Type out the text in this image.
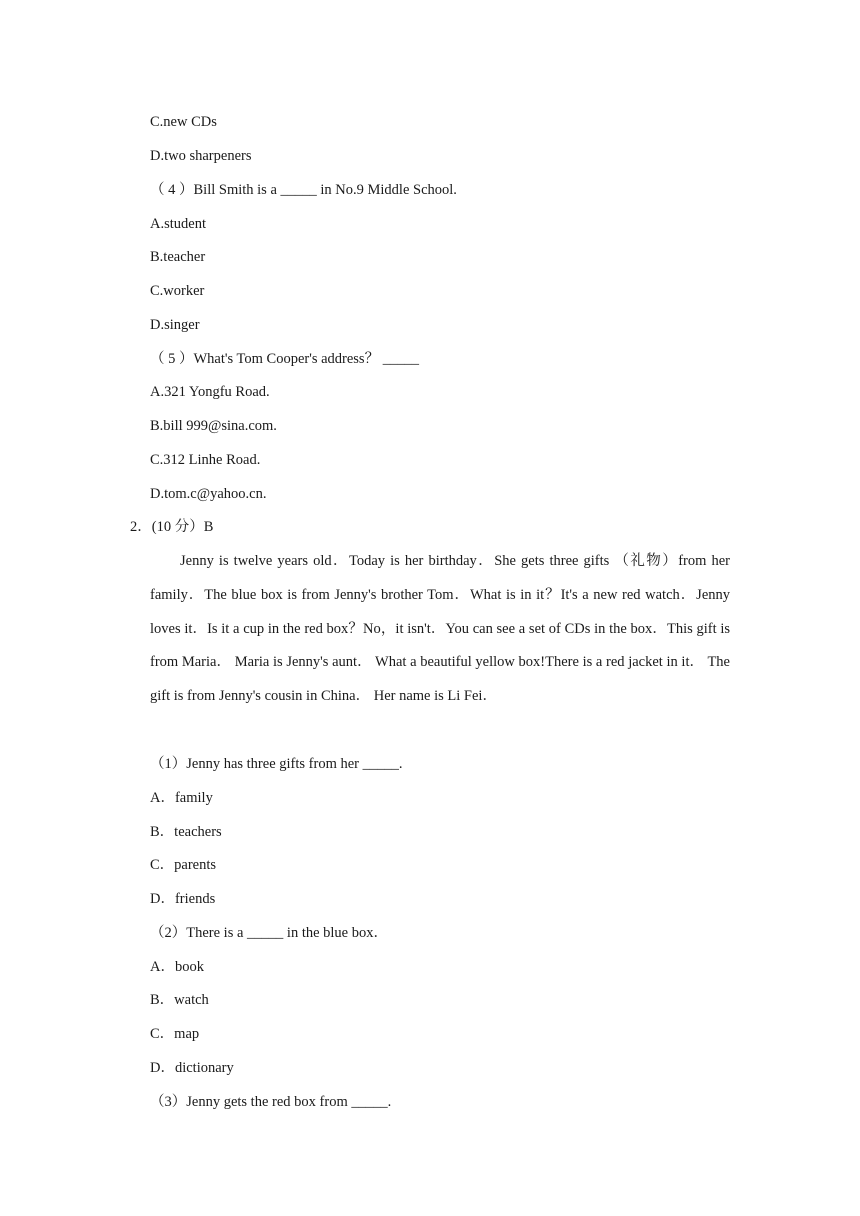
C.new CDs
D.two sharpeners
（ 4 ）Bill Smith is a _____ in No.9 Middle School.
A.student
B.teacher
C.worker
D.singer
（ 5 ）What's Tom Cooper's address？ _____
A.321 Yongfu Road.
B.bill 999@sina.com.
C.312 Linhe Road.
D.tom.c@yahoo.cn.
2．(10 分）B
Jenny is twelve years old．Today is her birthday．She gets three gifts （礼物）from her family．The blue box is from Jenny's brother Tom．What is in it？It's a new red watch．Jenny loves it．Is it a cup in the red box？No，it isn't．You can see a set of CDs in the box．This gift is from Maria． Maria is Jenny's aunt． What a beautiful yellow box!There is a red jacket in it． The gift is from Jenny's cousin in China． Her name is Li Fei．
（1）Jenny has three gifts from her _____.
A．family
B．teachers
C．parents
D．friends
（2）There is a _____ in the blue box．
A．book
B．watch
C．map
D．dictionary
（3）Jenny gets the red box from _____.
